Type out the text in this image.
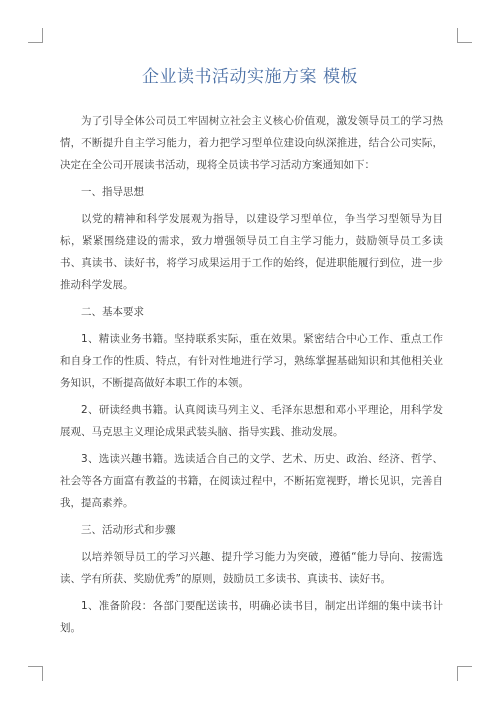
企业读书活动实施方案 模板

为了引导全体公司员工牢固树立社会主义核心价值观，激发领导员工的学习热情，不断提升自主学习能力，着力把学习型单位建设向纵深推进，结合公司实际，决定在全公司开展读书活动，现将全员读书学习活动方案通知如下：

一、指导思想

以党的精神和科学发展观为指导，以建设学习型单位，争当学习型领导为目标，紧紧围绕建设的需求，致力增强领导员工自主学习能力，鼓励领导员工多读书、真读书、读好书，将学习成果运用于工作的始终，促进职能履行到位，进一步推动科学发展。

二、基本要求

1、精读业务书籍。坚持联系实际，重在效果。紧密结合中心工作、重点工作和自身工作的性质、特点，有针对性地进行学习，熟练掌握基础知识和其他相关业务知识，不断提高做好本职工作的本领。

2、研读经典书籍。认真阅读马列主义、毛泽东思想和邓小平理论，用科学发展观、马克思主义理论成果武装头脑、指导实践、推动发展。

3、选读兴趣书籍。选读适合自己的文学、艺术、历史、政治、经济、哲学、社会等各方面富有教益的书籍，在阅读过程中，不断拓宽视野，增长见识，完善自我，提高素养。

三、活动形式和步骤

以培养领导员工的学习兴趣、提升学习能力为突破，遵循“能力导向、按需选读、学有所获、奖励优秀”的原则，鼓励员工多读书、真读书、读好书。

1、准备阶段：各部门要配送读书，明确必读书目，制定出详细的集中读书计划。
